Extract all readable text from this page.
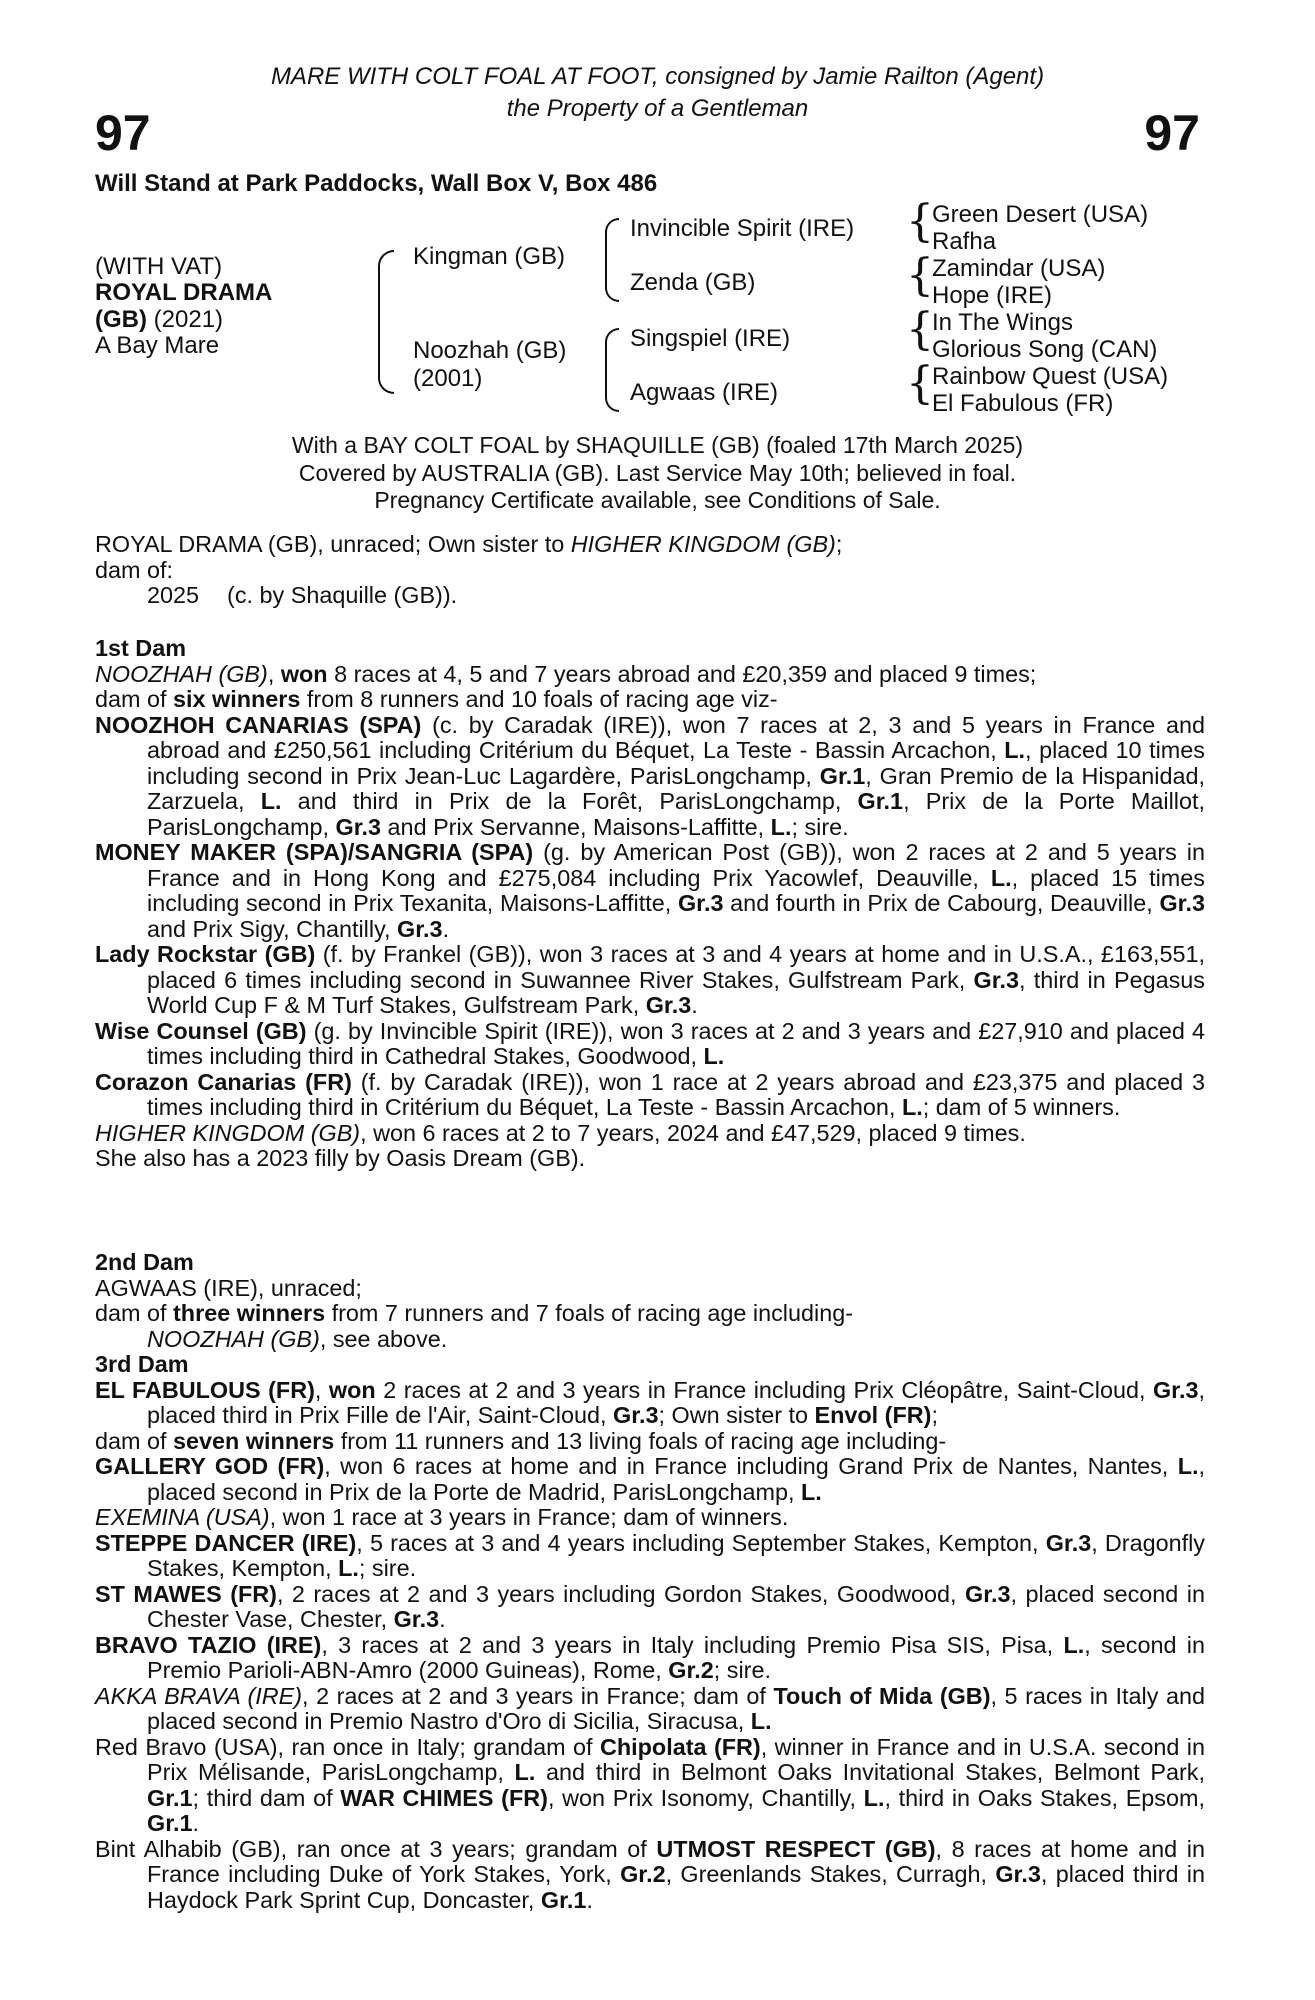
MARE WITH COLT FOAL AT FOOT, consigned by Jamie Railton (Agent)
97	the Property of a Gentleman	97
Will Stand at Park Paddocks, Wall Box V, Box 486
(WITH VAT)
ROYAL DRAMA
(GB) (2021)
A Bay Mare
Kingman (GB)
Noozhah (GB)
(2001)
Invincible Spirit (IRE)
Zenda (GB)
Singspiel (IRE)
Agwaas (IRE)
{
{
{
{
Green Desert (USA)
Rafha
Zamindar (USA)
Hope (IRE)
In The Wings
Glorious Song (CAN)
Rainbow Quest (USA)
El Fabulous (FR)
With a BAY COLT FOAL by SHAQUILLE (GB) (foaled 17th March 2025)
Covered by AUSTRALIA (GB). Last Service May 10th; believed in foal.
Pregnancy Certificate available, see Conditions of Sale.

ROYAL DRAMA (GB), unraced; Own sister to HIGHER KINGDOM (GB);

dam of:

2025 (c. by Shaquille (GB)).

1st Dam

NOOZHAH (GB), won 8 races at 4, 5 and 7 years abroad and £20,359 and placed 9 times;
dam of six winners from 8 runners and 10 foals of racing age viz-

NOOZHOH CANARIAS (SPA) (c. by Caradak (IRE)), won 7 races at 2, 3 and 5 years in France and abroad and £250,561 including Critérium du Béquet, La Teste - Bassin Arcachon, L., placed 10 times including second in Prix Jean-Luc Lagardère, ParisLongchamp, Gr.1, Gran Premio de la Hispanidad, Zarzuela, L. and third in Prix de la Forêt, ParisLongchamp, Gr.1, Prix de la Porte Maillot, ParisLongchamp, Gr.3 and Prix Servanne, Maisons-Laffitte, L.; sire.

MONEY MAKER (SPA)/SANGRIA (SPA) (g. by American Post (GB)), won 2 races at 2 and 5 years in France and in Hong Kong and £275,084 including Prix Yacowlef, Deauville, L., placed 15 times including second in Prix Texanita, Maisons-Laffitte, Gr.3 and fourth in Prix de Cabourg, Deauville, Gr.3 and Prix Sigy, Chantilly, Gr.3.

Lady Rockstar (GB) (f. by Frankel (GB)), won 3 races at 3 and 4 years at home and in U.S.A., £163,551, placed 6 times including second in Suwannee River Stakes, Gulfstream Park, Gr.3, third in Pegasus World Cup F & M Turf Stakes, Gulfstream Park, Gr.3.

Wise Counsel (GB) (g. by Invincible Spirit (IRE)), won 3 races at 2 and 3 years and £27,910 and placed 4 times including third in Cathedral Stakes, Goodwood, L.

Corazon Canarias (FR) (f. by Caradak (IRE)), won 1 race at 2 years abroad and £23,375 and placed 3 times including third in Critérium du Béquet, La Teste - Bassin Arcachon, L.; dam of 5 winners.

HIGHER KINGDOM (GB), won 6 races at 2 to 7 years, 2024 and £47,529, placed 9 times.

She also has a 2023 filly by Oasis Dream (GB).

2nd Dam

AGWAAS (IRE), unraced;
dam of three winners from 7 runners and 7 foals of racing age including-

NOOZHAH (GB), see above.

3rd Dam

EL FABULOUS (FR), won 2 races at 2 and 3 years in France including Prix Cléopâtre, Saint-Cloud, Gr.3, placed third in Prix Fille de l'Air, Saint-Cloud, Gr.3; Own sister to Envol (FR);

dam of seven winners from 11 runners and 13 living foals of racing age including-

GALLERY GOD (FR), won 6 races at home and in France including Grand Prix de Nantes, Nantes, L., placed second in Prix de la Porte de Madrid, ParisLongchamp, L.

EXEMINA (USA), won 1 race at 3 years in France; dam of winners.

STEPPE DANCER (IRE), 5 races at 3 and 4 years including September Stakes, Kempton, Gr.3, Dragonfly Stakes, Kempton, L.; sire.

ST MAWES (FR), 2 races at 2 and 3 years including Gordon Stakes, Goodwood, Gr.3, placed second in Chester Vase, Chester, Gr.3.

BRAVO TAZIO (IRE), 3 races at 2 and 3 years in Italy including Premio Pisa SIS, Pisa, L., second in Premio Parioli-ABN-Amro (2000 Guineas), Rome, Gr.2; sire.

AKKA BRAVA (IRE), 2 races at 2 and 3 years in France; dam of Touch of Mida (GB), 5 races in Italy and placed second in Premio Nastro d'Oro di Sicilia, Siracusa, L.

Red Bravo (USA), ran once in Italy; grandam of Chipolata (FR), winner in France and in U.S.A. second in Prix Mélisande, ParisLongchamp, L. and third in Belmont Oaks Invitational Stakes, Belmont Park, Gr.1; third dam of WAR CHIMES (FR), won Prix Isonomy, Chantilly, L., third in Oaks Stakes, Epsom, Gr.1.

Bint Alhabib (GB), ran once at 3 years; grandam of UTMOST RESPECT (GB), 8 races at home and in France including Duke of York Stakes, York, Gr.2, Greenlands Stakes, Curragh, Gr.3, placed third in Haydock Park Sprint Cup, Doncaster, Gr.1.
